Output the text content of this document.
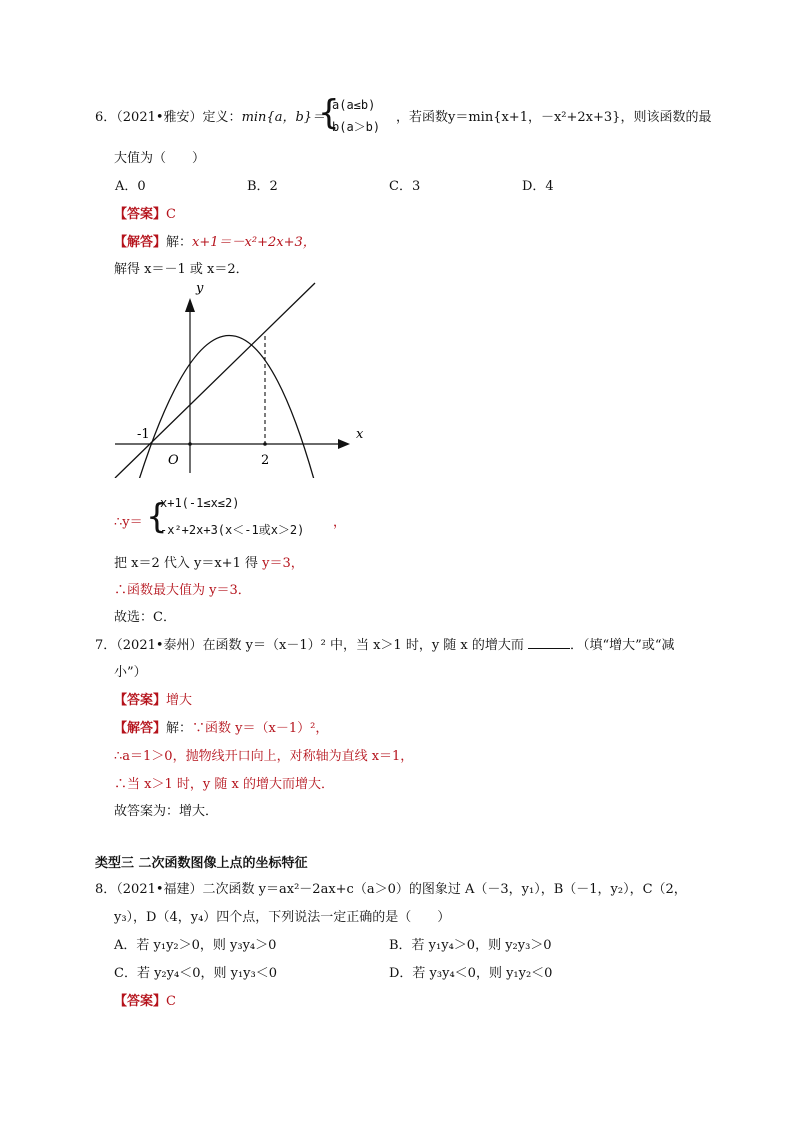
6．（2021•雅安）定义：min{a，b}＝
{
a(a≤b)
b(a＞b)
，若函数y＝min{x+1，－x²+2x+3}，则该函数的最
大值为（　　）
A．0	B．2	C．3	D．4
【答案】C
【解答】解：x+1＝－x²+2x+3，
解得 x＝－1 或 x＝2．
y
x
O
-1
2
∴y＝ {
x+1(-1≤x≤2)
-x²+2x+3(x＜-1或x＞2) ，
把 x＝2 代入 y＝x+1 得 y＝3，
∴函数最大值为 y＝3．
故选：C．
7．（2021•泰州）在函数 y＝（x－1）² 中，当 x＞1 时，y 随 x 的增大而	．（填“增大”或“减
小”）
【答案】增大
【解答】解：∵函数 y＝（x－1）²，
∴a＝1＞0，抛物线开口向上，对称轴为直线 x＝1，
∴当 x＞1 时，y 随 x 的增大而增大．
故答案为：增大．
类型三 二次函数图像上点的坐标特征
8．（2021•福建）二次函数 y＝ax²－2ax+c（a＞0）的图象过 A（－3，y₁），B（－1，y₂），C（2，
y₃），D（4，y₄）四个点，下列说法一定正确的是（　　）
A．若 y₁y₂＞0，则 y₃y₄＞0	B．若 y₁y₄＞0，则 y₂y₃＞0
C．若 y₂y₄＜0，则 y₁y₃＜0	D．若 y₃y₄＜0，则 y₁y₂＜0
【答案】C
